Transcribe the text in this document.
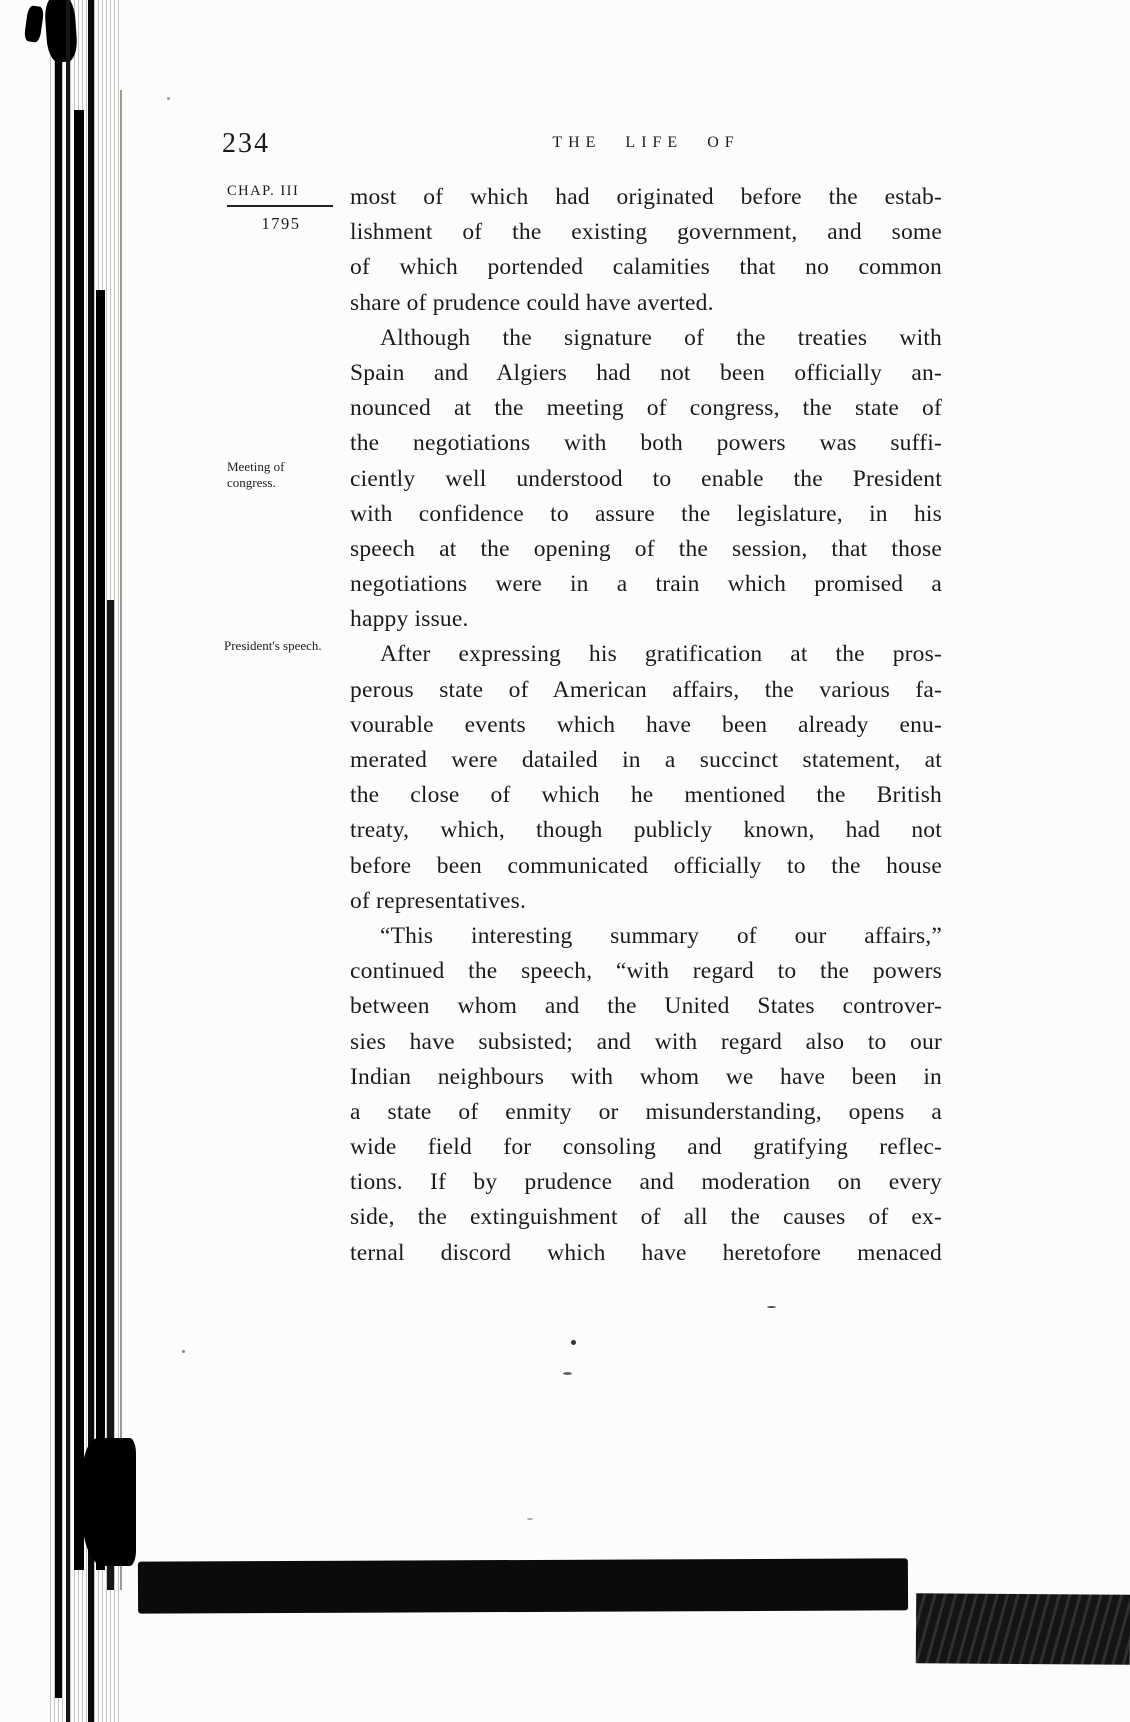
234	THE LIFE OF
CHAP. III
1795
Meeting of congress.
President's speech.
most of which had originated before the estab-
lishment of the existing government, and some
of which portended calamities that no common
share of prudence could have averted.
Although the signature of the treaties with
Spain and Algiers had not been officially an-
nounced at the meeting of congress, the state of
the negotiations with both powers was suffi-
ciently well understood to enable the President
with confidence to assure the legislature, in his
speech at the opening of the session, that those
negotiations were in a train which promised a
happy issue.
After expressing his gratification at the pros-
perous state of American affairs, the various fa-
vourable events which have been already enu-
merated were datailed in a succinct statement, at
the close of which he mentioned the British
treaty, which, though publicly known, had not
before been communicated officially to the house
of representatives.
“This interesting summary of our affairs,”
continued the speech, “with regard to the powers
between whom and the United States controver-
sies have subsisted; and with regard also to our
Indian neighbours with whom we have been in
a state of enmity or misunderstanding, opens a
wide field for consoling and gratifying reflec-
tions. If by prudence and moderation on every
side, the extinguishment of all the causes of ex-
ternal discord which have heretofore menaced
